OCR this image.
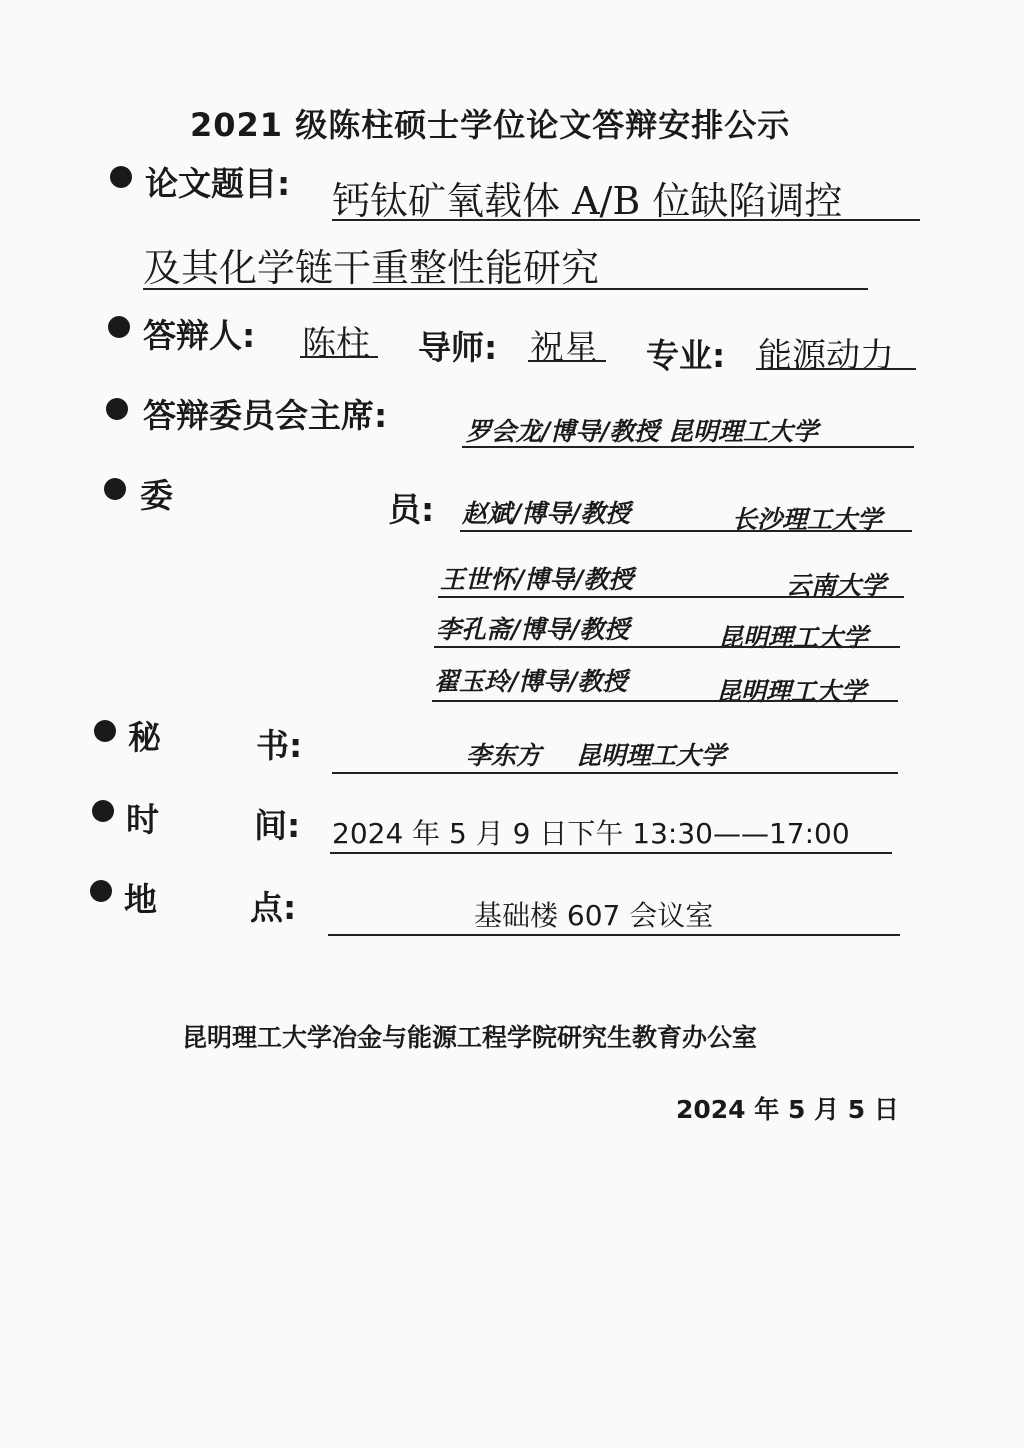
2021 级陈柱硕士学位论文答辩安排公示
论文题目: 钙钛矿氧载体 A/B 位缺陷调控
及其化学链干重整性能研究
答辩人: 陈柱 导师: 祝星 专业: 能源动力
答辩委员会主席:	罗会龙/博导/教授 昆明理工大学
委	员: 赵斌/博导/教授	长沙理工大学
王世怀/博导/教授	云南大学
李孔斋/博导/教授	昆明理工大学
翟玉玲/博导/教授	昆明理工大学
秘	书:	李东方    昆明理工大学
时	间: 2024 年 5 月 9 日下午 13:30——17:00
地	点:	基础楼 607 会议室
昆明理工大学冶金与能源工程学院研究生教育办公室
2024 年 5 月 5 日
